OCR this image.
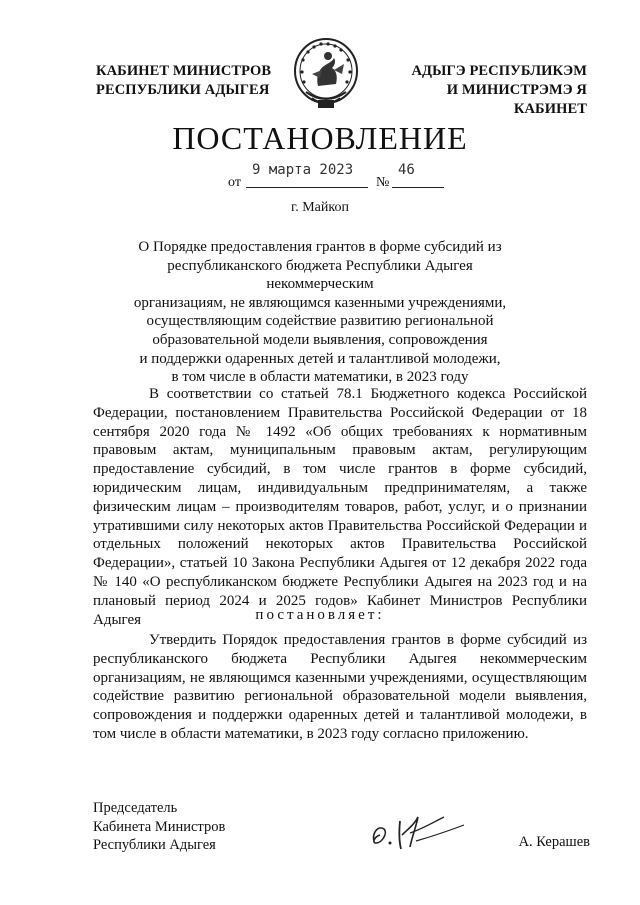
КАБИНЕТ МИНИСТРОВ
РЕСПУБЛИКИ АДЫГЕЯ
АДЫГЭ РЕСПУБЛИКЭМ
И МИНИСТРЭМЭ Я КАБИНЕТ
ПОСТАНОВЛЕНИЕ
от
9 марта 2023
№
46
г. Майкоп
О Порядке предоставления грантов в форме субсидий из
республиканского бюджета Республики Адыгея некоммерческим
организациям, не являющимся казенными учреждениями,
осуществляющим содействие развитию региональной
образовательной модели выявления, сопровождения
и поддержки одаренных детей и талантливой молодежи,
в том числе в области математики, в 2023 году
В соответствии со статьей 78.1 Бюджетного кодекса Российской Федерации, постановлением Правительства Российской Федерации от 18 сентября 2020 года № 1492 «Об общих требованиях к нормативным правовым актам, муниципальным правовым актам, регулирующим предоставление субсидий, в том числе грантов в форме субсидий, юридическим лицам, индивидуальным предпринимателям, а также физическим лицам – производителям товаров, работ, услуг, и о признании утратившими силу некоторых актов Правительства Российской Федерации и отдельных положений некоторых актов Правительства Российской Федерации», статьей 10 Закона Республики Адыгея от 12 декабря 2022 года № 140 «О республиканском бюджете Республики Адыгея на 2023 год и на плановый период 2024 и 2025 годов» Кабинет Министров Республики Адыгея	постановляет:
Утвердить Порядок предоставления грантов в форме субсидий из республиканского бюджета Республики Адыгея некоммерческим организациям, не являющимся казенными учреждениями, осуществляющим содействие развитию региональной образовательной модели выявления, сопровождения и поддержки одаренных детей и талантливой молодежи, в том числе в области математики, в 2023 году согласно приложению.
Председатель
Кабинета Министров
Республики Адыгея	А. Керашев
